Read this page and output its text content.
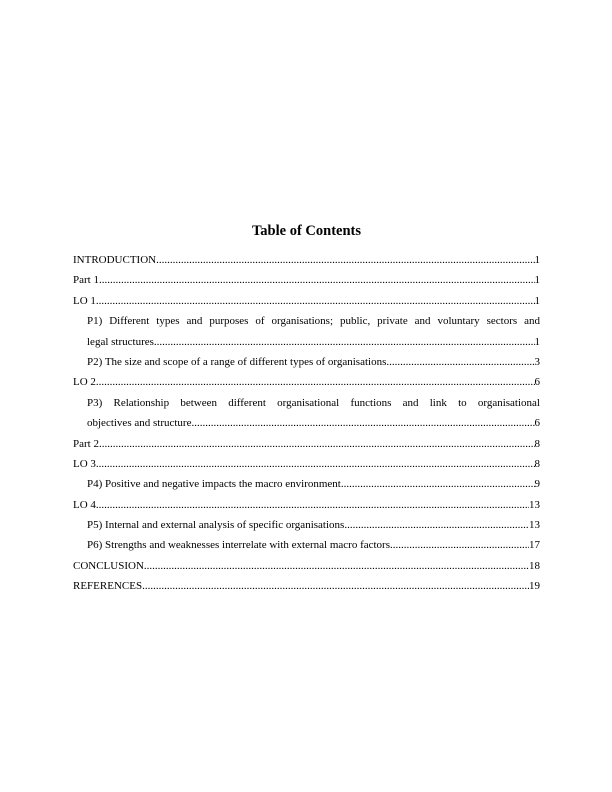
Table of Contents
INTRODUCTION .....	1
Part 1 .....	1
LO 1 .....	1
P1) Different types and purposes of organisations; public, private and voluntary sectors and
legal structures .....	1
P2) The size and scope of a range of different types of organisations .....	3
LO 2 .....	6
P3) Relationship between different organisational functions and link to organisational
objectives and structure .....	6
Part 2 .....	8
LO 3 .....	8
P4) Positive and negative impacts the macro environment .....	9
LO 4 .....	13
P5) Internal and external analysis of specific organisations .....	13
P6) Strengths and weaknesses interrelate with external macro factors .....	17
CONCLUSION .....	18
REFERENCES .....	19
